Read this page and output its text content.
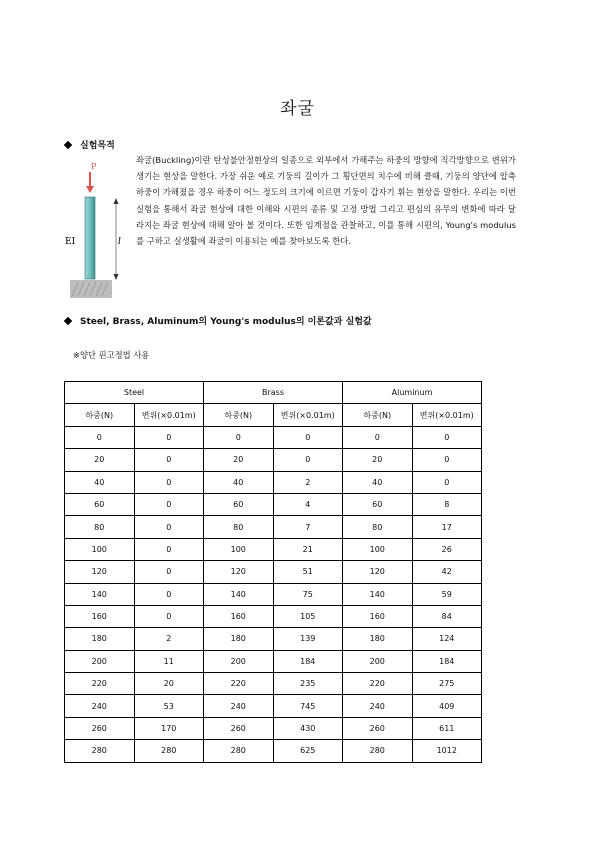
좌굴
실험목적
P
EI	l
좌굴(Buckling)이란 탄성불안정현상의 일종으로 외부에서 가해주는 하중의 방향에 직각방향으로 변위가 생기는 현상을 말한다. 가장 쉬운 예로 기둥의 길이가 그 횡단면의 치수에 비해 클때, 기둥의 양단에 압축하중이 가해졌을 경우 하중이 어느 정도의 크기에 이르면 기둥이 갑자기 휘는 현상을 말한다. 우리는 이번 실험을 통해서 좌굴 현상에 대한 이해와 시편의 종류 및 고정 방법 그리고 편심의 유무의 변화에 따라 달라지는 좌굴 현상에 대해 알아 볼 것이다. 또한 임계점을 관찰하고, 이를 통해 시편의, Young's modulus를 구하고 실생활에 좌굴이 이용되는 예를 찾아보도록 한다.
Steel, Brass, Aluminum의 Young's modulus의 이론값과 실험값
※양단 핀고정법 사용
Steel		Brass		Aluminum	
하중(N)	변위(×0.01m)	하중(N)	변위(×0.01m)	하중(N)	변위(×0.01m)
0	0	0	0	0	0
20	0	20	0	20	0
40	0	40	2	40	0
60	0	60	4	60	8
80	0	80	7	80	17
100	0	100	21	100	26
120	0	120	51	120	42
140	0	140	75	140	59
160	0	160	105	160	84
180	2	180	139	180	124
200	11	200	184	200	184
220	20	220	235	220	275
240	53	240	745	240	409
260	170	260	430	260	611
280	280	280	625	280	1012
